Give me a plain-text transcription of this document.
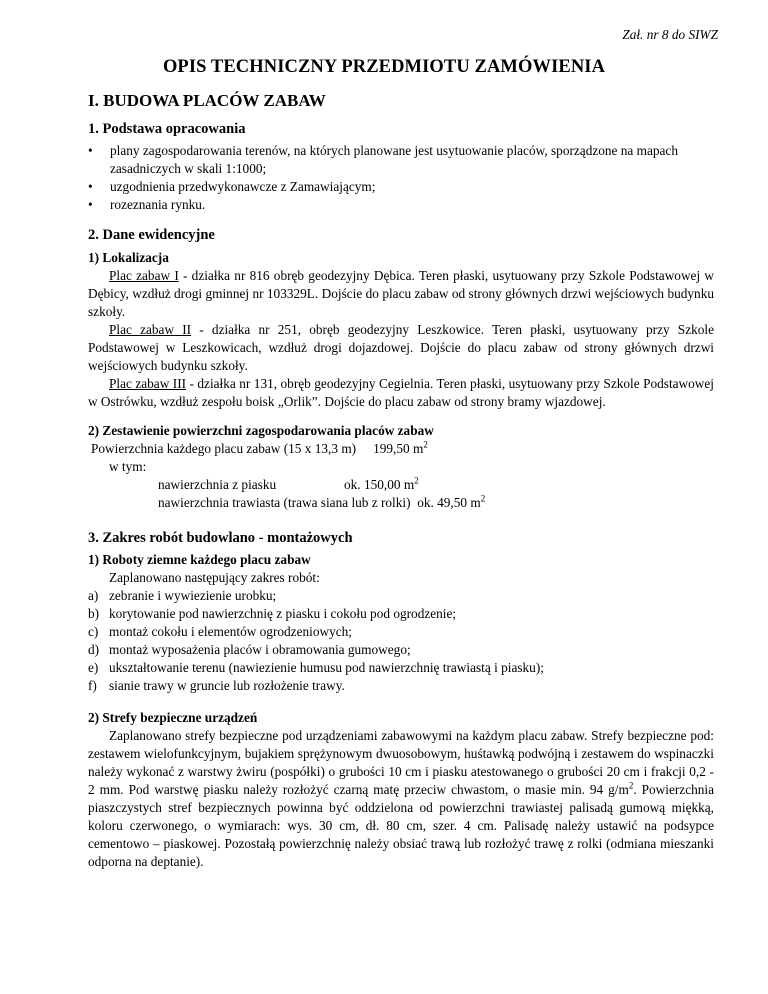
Zał. nr 8 do SIWZ
OPIS TECHNICZNY PRZEDMIOTU ZAMÓWIENIA
I. BUDOWA PLACÓW ZABAW
1. Podstawa opracowania
• plany zagospodarowania terenów, na których planowane jest usytuowanie placów, sporządzone na mapach zasadniczych w skali 1:1000;
• uzgodnienia przedwykonawcze z Zamawiającym;
• rozeznania rynku.
2. Dane ewidencyjne
1) Lokalizacja

Plac zabaw I - działka nr 816 obręb geodezyjny Dębica. Teren płaski, usytuowany przy Szkole Podstawowej w Dębicy, wzdłuż drogi gminnej nr 103329L. Dojście do placu zabaw od strony głównych drzwi wejściowych budynku szkoły.

Plac zabaw II - działka nr 251, obręb geodezyjny Leszkowice. Teren płaski, usytuowany przy Szkole Podstawowej w Leszkowicach, wzdłuż drogi dojazdowej. Dojście do placu zabaw od strony głównych drzwi wejściowych budynku szkoły.

Plac zabaw III - działka nr 131, obręb geodezyjny Cegielnia. Teren płaski, usytuowany przy Szkole Podstawowej w Ostrówku, wzdłuż zespołu boisk „Orlik”. Dojście do placu zabaw od strony bramy wjazdowej.

2) Zestawienie powierzchni zagospodarowania placów zabaw
Powierzchnia każdego placu zabaw (15 x 13,3 m) 199,50 $m^2$
w tym:
nawierzchnia z piasku	ok. 150,00 $m^2$
nawierzchnia trawiasta (trawa siana lub z rolki) ok. 49,50 $m^2$
3. Zakres robót budowlano - montażowych
1) Roboty ziemne każdego placu zabaw
Zaplanowano następujący zakres robót:
a) zebranie i wywiezienie urobku;
b) korytowanie pod nawierzchnię z piasku i cokołu pod ogrodzenie;
c) montaż cokołu i elementów ogrodzeniowych;
d) montaż wyposażenia placów i obramowania gumowego;
e) ukształtowanie terenu (nawiezienie humusu pod nawierzchnię trawiastą i piasku);
f) sianie trawy w gruncie lub rozłożenie trawy.
2) Strefy bezpieczne urządzeń

Zaplanowano strefy bezpieczne pod urządzeniami zabawowymi na każdym placu zabaw. Strefy bezpieczne pod: zestawem wielofunkcyjnym, bujakiem sprężynowym dwuosobowym, huśtawką podwójną i zestawem do wspinaczki należy wykonać z warstwy żwiru (pospółki) o grubości 10 cm i piasku atestowanego o grubości 20 cm i frakcji 0,2 - 2 mm. Pod warstwę piasku należy rozłożyć czarną matę przeciw chwastom, o masie min. 94 $g/m^2$. Powierzchnia piaszczystych stref bezpiecznych powinna być oddzielona od powierzchni trawiastej palisadą gumową miękką, koloru czerwonego, o wymiarach: wys. 30 cm, dł. 80 cm, szer. 4 cm. Palisadę należy ustawić na podsypce cementowo – piaskowej. Pozostałą powierzchnię należy obsiać trawą lub rozłożyć trawę z rolki (odmiana mieszanki odporna na deptanie).
